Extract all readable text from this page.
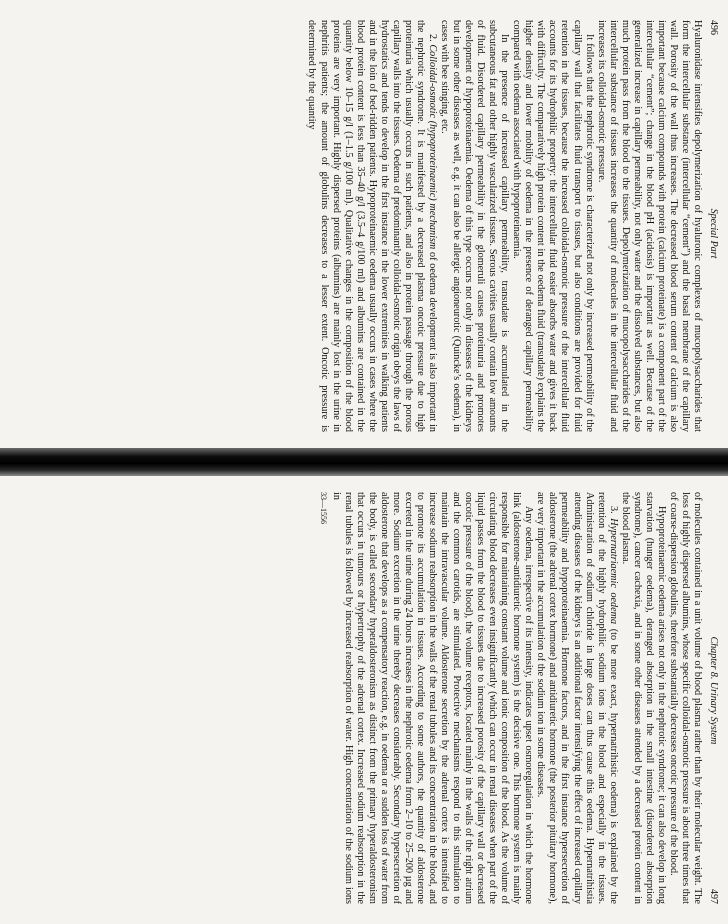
496
Special Part

Hyaluronidase intensifies depolymerization of hyaluronic complexes of mucopolysaccharides that form the intercellular substance (intercellular “cement”) and the basal membrane of the capillary wall. Porosity of the wall thus increases. The decreased blood serum content of calcium is also important because calcium compounds with protein (calcium proteinate) is a component part of the intercellular “cement”; change in the blood pH (acidosis) is important as well. Because of the generalized increase in capillary permeability, not only water and the dissolved substances, but also much protein pass from the blood to the tissues. Depolymerization of mucopolysaccharides of the intercellular substance of tissues increases the quantity of molecules in the intercellular fluid and increases its colloidal-osmotic pressure.

It follows that the nephrotic syndrome is characterized not only by increased permeability of the capillary wall that facilitates fluid transport to tissues, but also conditions are provided for fluid retention in the tissues, because the increased colloidal-osmotic pressure of the intercellular fluid accounts for its hydrophilic property: the intercellular fluid easier absorbs water and gives it back with difficulty. The comparatively high protein content in the oedema fluid (transudate) explains the higher density and lower mobility of oedema in the presence of deranged capillary permeability compared with oedema associated with hypoproteinaemia.

In the presence of increased capillary permeability, transudate is accumulated in the subcutaneous fat and other highly vascularized tissues. Serous cavities usually contain low amounts of fluid. Disordered capillary permeability in the glomeruli causes proteinuria and promotes development of hypoproteinaemia. Oedema of this type occurs not only in diseases of the kidneys but in some other diseases as well, e.g. it can also be allergic angioneurotic (Quincke’s oedema), in cases with bee stinging, etc.

2. Colloidal-osmotic (hypoproteinaemic) mechanism of oedema development is also important in the nephrotic syndrome. It is manifested by a decreased plasma oncotic pressure due to high proteinuria which usually occurs in such patients, and also in protein passage through the porous capillary walls into the tissues. Oedema of predominantly colloidal-osmotic origin obeys the laws of hydrostatics and tends to develop in the first instance in the lower extremities in walking patients and in the loin of bed-ridden patients. Hypoproteinaemic oedema usually occurs in cases where the blood protein content is less than 35–40 g/l (3.5–4 g/100 ml) and albumins are contained in the quantity below 10–15 g/l (1–1.5 g/100 ml). Qualitative changes in the composition of the blood proteins are very important. Highly dispersed proteins (albumins) are mainly lost in the urine in nephritis patients; the amount of globulins decreases to a lesser extent. Oncotic pressure is determined by the quantity

Chapter 8. Urinary System
497

of molecules contained in a unit volume of blood plasma rather than by their molecular weight. The loss of highly dispersed albumins, whose specific colloidal-osmotic pressure is about three times that of coarse-dispersion globulins, therefore substantially decreases oncotic pressure of the blood.

Hypoproteinaemic oedema arises not only in the nephrotic syndrome; it can also develop in long starvation (hunger oedema), deranged absorption in the small intestine (disordered absorption syndrome), cancer cachexia, and in some other diseases attended by a decreased protein content in the blood plasma.

3. Hypernatriaemic oedema (to be more exact, hypernatrihistic oedema) is explained by the retention of the highly hydrophilic sodium ions in the blood and especially in the tissues. Administration of sodium chloride in large doses can thus cause this oedema. Hypernatrihistia attending diseases of the kidneys is an additional factor intensifying the effect of increased capillary permeability and hypoproteinaemia. Hormone factors, and in the first instance hypersecretion of aldosterone (the adrenal cortex hormone) and antidiuretic hormone (the posterior pituitary hormone), are very important in the accumulation of the sodium ion in some diseases.

Any oedema, irrespective of its intensity, indicates upset osmoregulation in which the hormone link (aldosterone-antidiuretic hormone system) is the decisive one. This hormone system is mainly responsible for maintaining constant volume and ionic composition of the blood. As the volume of circulating blood decreases even insignificantly (which can occur in renal diseases when part of the liquid passes from the blood to tissues due to increased porosity of the capillary wall or decreased oncotic pressure of the blood), the volume receptors, located mainly in the walls of the right atrium and the common carotids, are stimulated. Protective mechanisms respond to this stimulation to maintain the intravascular volume. Aldosterone secretion by the adrenal cortex is intensified to increase sodium reabsorption in the walls of the renal tubules and its concentration in the blood, and to promote its accumulation in tissues. According to some authors, the quantity of aldosterone excreted in the urine during 24 hours increases in the nephrotic oedema from 2–10 to 25–200 µg and more. Sodium excretion in the urine thereby decreases considerably. Secondary hypersecretion of aldosterone that develops as a compensatory reaction, e.g. in oedema or a sudden loss of water from the body, is called secondary hyperaldosteronism as distinct from the primary hyperaldosteronism that occurs in tumours or hypertrophy of the adrenal cortex. Increased sodium reabsorption in the renal tubules is followed by increased reabsorption of water. High concentration of the sodium ions in

33—1556
